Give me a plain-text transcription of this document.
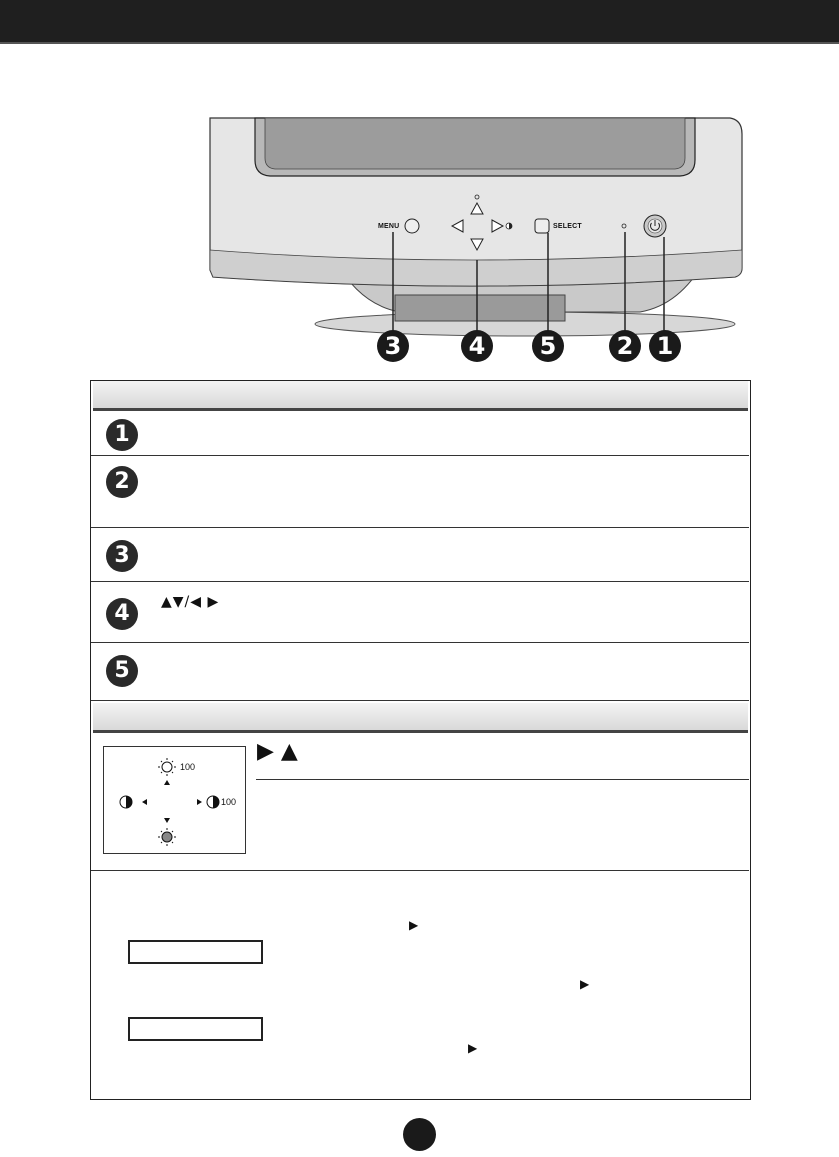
MENU	SELECT
3	4	5	2 1
1
2
3
4	▲▼/◀ ▶
5
100
100
▶ ▲
▶
▶
▶
